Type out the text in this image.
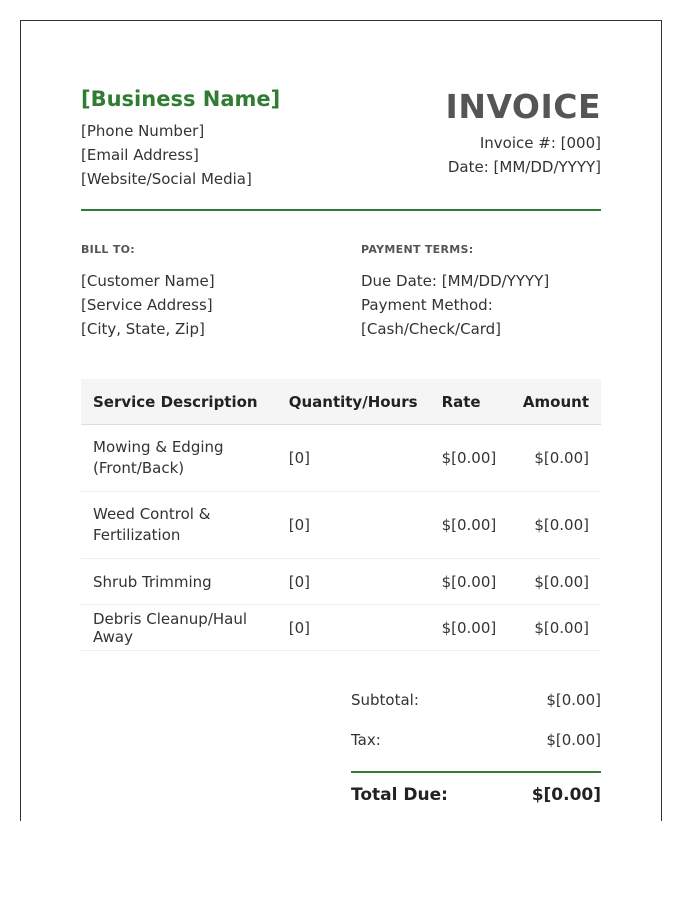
[Business Name]
[Phone Number]
[Email Address]
[Website/Social Media]
INVOICE
Invoice #: [000]
Date: [MM/DD/YYYY]
BILL TO:
[Customer Name]
[Service Address]
[City, State, Zip]
PAYMENT TERMS:
Due Date: [MM/DD/YYYY]
Payment Method:
[Cash/Check/Card]
Service Description	Quantity/Hours	Rate	Amount

Mowing & Edging
(Front/Back)	[0]	$[0.00]	$[0.00]

Weed Control &
Fertilization	[0]	$[0.00]	$[0.00]
Shrub Trimming	[0]	$[0.00]	$[0.00]
Debris Cleanup/Haul Away	[0]	$[0.00]	$[0.00]
Subtotal:	$[0.00]
Tax:	$[0.00]
Total Due:	$[0.00]
